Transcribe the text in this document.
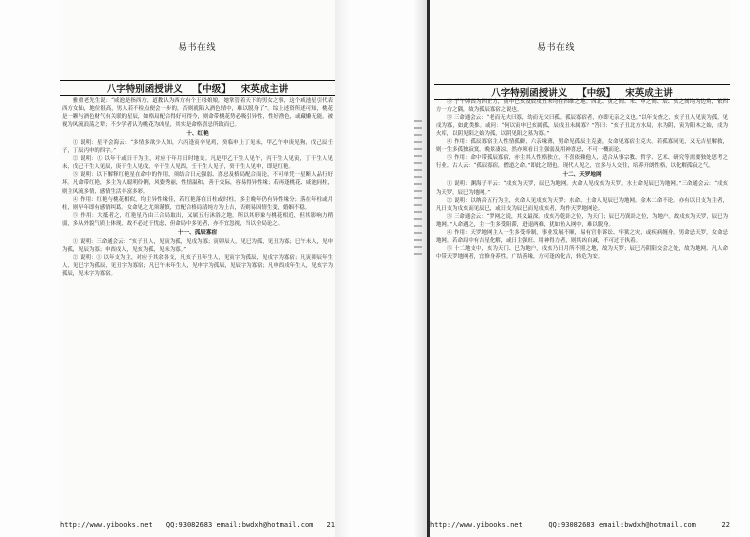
易书在线
八字特别函授讲义 【中级】 宋英成主讲

雅重老先生说：“咸池是指西方，道教认为西方有个王母娘娘，她掌管着天下的男女之事，这个咸池星引代表西方女仙，地位很高，男人若不检点便会一步的，否则就陷入酒色情中，难以脱身了”。综上述资所述可知，桃花是一颗与酒色财气有关联的星辰，如格局配合得好可得今，则命带桃花势必吸引异性，性好渔色，或藏懒无能，被视为风流浪荡之辈；不少学者认为桃花为凶星，其实是命格喜忌所致而已。

十、红艳

① 说明：星平会海云：“多情多欲少人知，六丙逢寅辛见鸡，癸临申上丁见未，甲乙午申庚见狗，戊己辰壬子，丁辰丙申的四字。”

② 说明：① 以年干或日干为主，对应于年月日时地支。凡是甲乙干生人见午，丙干生人见寅，丁干生人见未，戊己干生人见辰，庚干生人见戌，辛干生人见酉，壬干生人见子，癸干生人见申，即是红艳。

③ 说明：以下解释红艳星在命中的作用，须结合日元强弱、喜忌及格局配合而论，不可单凭一星断人品行好坏。凡命带红艳，多主为人聪明伶俐，风姿秀丽，性情温和，善于交际，容易得异性缘；若再逢桃花、咸池同柱，则主风流多情，感情生活丰富多彩。

④ 作用：红艳与桃花相似，均主异性缘佳，若红艳落在日柱或时柱，多主晚年仍有异性缘分；落在年柱或月柱，则早年即有感情纠葛。女命见之尤须谨慎，宜配合格局清纯方为上吉，否则易因情生变，婚姻不稳。

⑤ 作用：大抵者之，红艳星乃由三合局取出，又属五行沐浴之地，所以其形象与桃花相近，但其影响力稍弱，多从外貌气质上体现，故不必过于忧虑，但命局中多见者，亦不宜忽视，当以全局论之。

十一、孤辰寡宿

① 说明：三命通会云：“亥子丑人，见寅为孤，见戌为寡；寅卯辰人，见巳为孤，见丑为寡；巳午未人，见申为孤，见辰为寡；申酉戌人，见亥为孤，见未为寡。”

② 说明：① 以年支为主，对应于其余各支，凡亥子丑年生人，见寅字为孤辰，见戌字为寡宿；凡寅卯辰年生人，见巳字为孤辰，见丑字为寡宿；凡巳午未年生人，见申字为孤辰，见辰字为寡宿；凡申酉戌年生人，见亥字为孤辰，见未字为寡宿。

http://www.yibooks.net QQ:93082683 email:bwdxh@hotmail.com 21
易书在线
八字特别函授讲义 【中级】 宋英成主讲

③ 子午卯酉为四正方，寅申巳亥及辰戌丑未均在四维之地。西北、寅之间、未、申之间、辰、亥之间均为边角，依四方一方之隅，故为孤辰寡宿之说也。

③ 三命通会云：“老而无夫曰寡，幼而无父曰孤。孤辰寡宿者，亦即无亲之义也。”以年支查之，亥子丑人见寅为孤，见戌为寡，如此类推。或问：“何以寅申巳亥属孤，辰戌丑未属寡？”答曰：“亥子丑北方水局，水为阴，寅为阳木之始，戌为火库，以阴见阳之始为孤，以阴见阳之墓为寡。”

④ 作用：孤辰寡宿主人性情孤僻，六亲缘薄，男命见孤辰主克妻，女命见寡宿主克夫。若孤寡同见，又无吉星解救，则一生多孤独寂寞，晚景凄凉。然亦须看日主强弱及用神喜忌，不可一概而论。

⑤ 作用：命中带孤辰寡宿，亦主其人性格独立，不喜依赖他人，适合从事宗教、哲学、艺术、研究等需要独处思考之行业。古人云：“孤辰寡宿，僧道之命。”即此之谓也。现代人见之，宜多与人交往，培养开朗性格，以化解孤寂之气。

十二、天罗地网

① 说明：渊海子平云：“戌亥为天罗，辰巳为地网。火命人见戌亥为天罗，水土命见辰巳为地网。”三命通会云：“戌亥为天罗，辰巳为地网。”

② 说明：以纳音五行为主，火命人见戌亥为天罗；水命、土命人见辰巳为地网。金木二命不论。亦有以日支为主者，凡日支为戌亥而见辰巳，或日支为辰巳而见戌亥者，均作天罗地网论。

③ 三命通会云：“罗网之说，其义最深。戌亥乃乾卦之位，为天门；辰巳乃巽卦之位，为地户。故戌亥为天罗，辰巳为地网。”人命遇之，主一生多受阻滞，进退两难，犹如鱼入网中，难以脱身。

④ 作用：天罗地网主人一生多受牵制，事业发展不顺，易有官非诉讼、牢狱之灾，或疾病缠身。男命忌天罗，女命忌地网。若命局中有吉星化解，或日主强旺、用神得力者，则其凶自减，不可过于执着。

⑤ 十二地支中，亥为天门、巳为地户，戌亥乃日月所不照之地，故为天罗；辰巳乃阴阳交会之处，故为地网。凡人命中带天罗地网者，宜修身养性，广结善缘，方可逢凶化吉，转危为安。

http://www.yibooks.net	QQ:93082683 email:bwdxh@hotmail.com	22
